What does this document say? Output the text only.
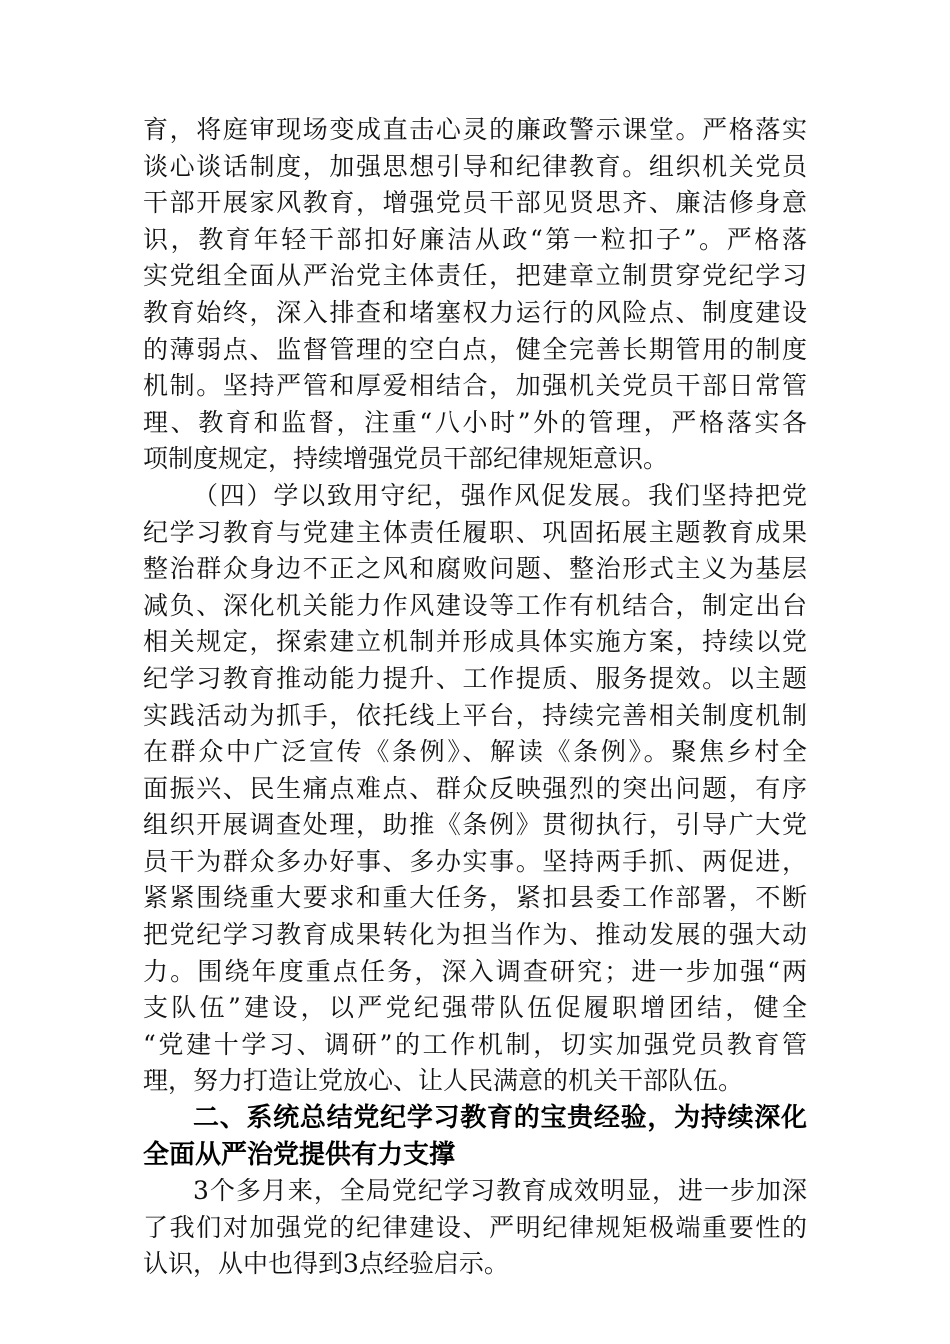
育，将庭审现场变成直击心灵的廉政警示课堂。严格落实
谈心谈话制度，加强思想引导和纪律教育。组织机关党员
干部开展家风教育，增强党员干部见贤思齐、廉洁修身意
识，教育年轻干部扣好廉洁从政“第一粒扣子”。严格落
实党组全面从严治党主体责任，把建章立制贯穿党纪学习
教育始终，深入排查和堵塞权力运行的风险点、制度建设
的薄弱点、监督管理的空白点，健全完善长期管用的制度
机制。坚持严管和厚爱相结合，加强机关党员干部日常管
理、教育和监督，注重“八小时”外的管理，严格落实各
项制度规定，持续增强党员干部纪律规矩意识。
（四）学以致用守纪，强作风促发展。我们坚持把党
纪学习教育与党建主体责任履职、巩固拓展主题教育成果
整治群众身边不正之风和腐败问题、整治形式主义为基层
减负、深化机关能力作风建设等工作有机结合，制定出台
相关规定，探索建立机制并形成具体实施方案，持续以党
纪学习教育推动能力提升、工作提质、服务提效。以主题
实践活动为抓手，依托线上平台，持续完善相关制度机制
在群众中广泛宣传《条例》、解读《条例》。聚焦乡村全
面振兴、民生痛点难点、群众反映强烈的突出问题，有序
组织开展调查处理，助推《条例》贯彻执行，引导广大党
员干为群众多办好事、多办实事。坚持两手抓、两促进，
紧紧围绕重大要求和重大任务，紧扣县委工作部署，不断
把党纪学习教育成果转化为担当作为、推动发展的强大动
力。围绕年度重点任务，深入调查研究；进一步加强“两
支队伍”建设，以严党纪强带队伍促履职增团结，健全
“党建十学习、调研”的工作机制，切实加强党员教育管
理，努力打造让党放心、让人民满意的机关干部队伍。
二、系统总结党纪学习教育的宝贵经验，为持续深化
全面从严治党提供有力支撑
3个多月来，全局党纪学习教育成效明显，进一步加深
了我们对加强党的纪律建设、严明纪律规矩极端重要性的
认识，从中也得到3点经验启示。
